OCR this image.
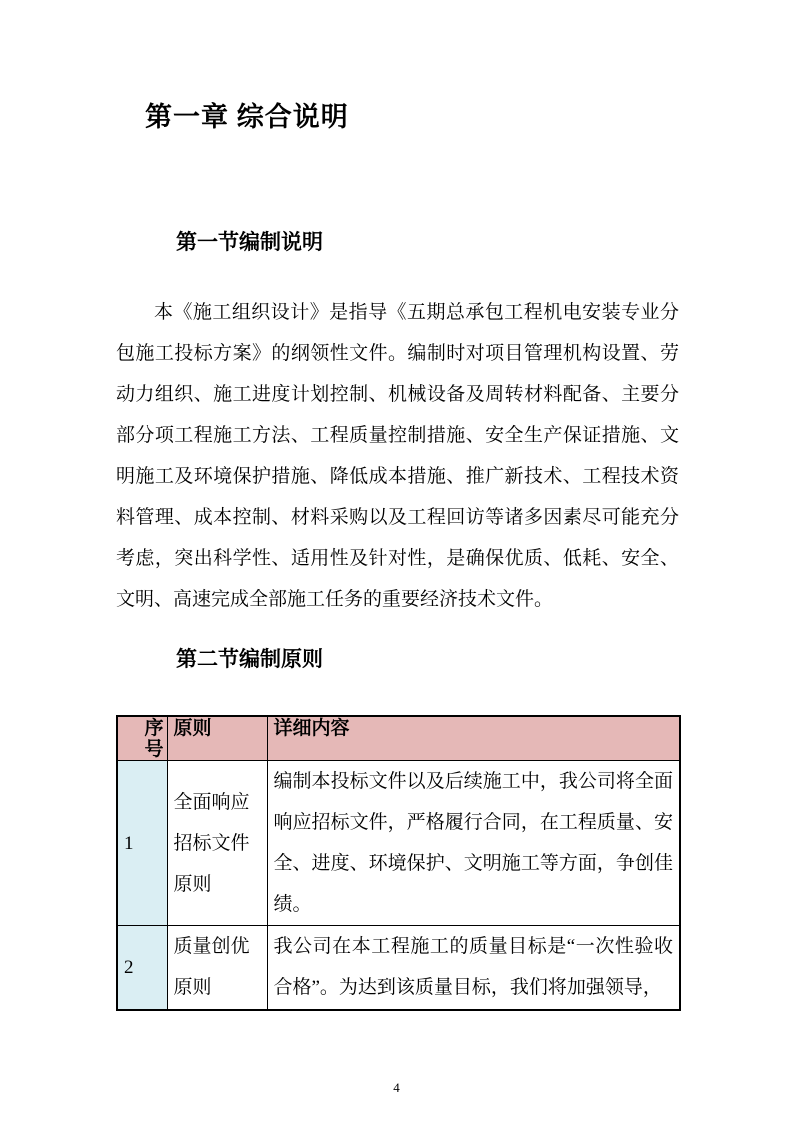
第一章 综合说明
第一节编制说明

本《施工组织设计》是指导《五期总承包工程机电安装专业分包施工投标方案》的纲领性文件。编制时对项目管理机构设置、劳动力组织、施工进度计划控制、机械设备及周转材料配备、主要分部分项工程施工方法、工程质量控制措施、安全生产保证措施、文明施工及环境保护措施、降低成本措施、推广新技术、工程技术资料管理、成本控制、材料采购以及工程回访等诸多因素尽可能充分考虑，突出科学性、适用性及针对性，是确保优质、低耗、安全、文明、高速完成全部施工任务的重要经济技术文件。

第二节编制原则
序号	原则	详细内容
1	全面响应招标文件原则	编制本投标文件以及后续施工中，我公司将全面响应招标文件，严格履行合同，在工程质量、安全、进度、环境保护、文明施工等方面，争创佳绩。
2	质量创优原则	我公司在本工程施工的质量目标是“一次性验收合格”。为达到该质量目标，我们将加强领导，
4
